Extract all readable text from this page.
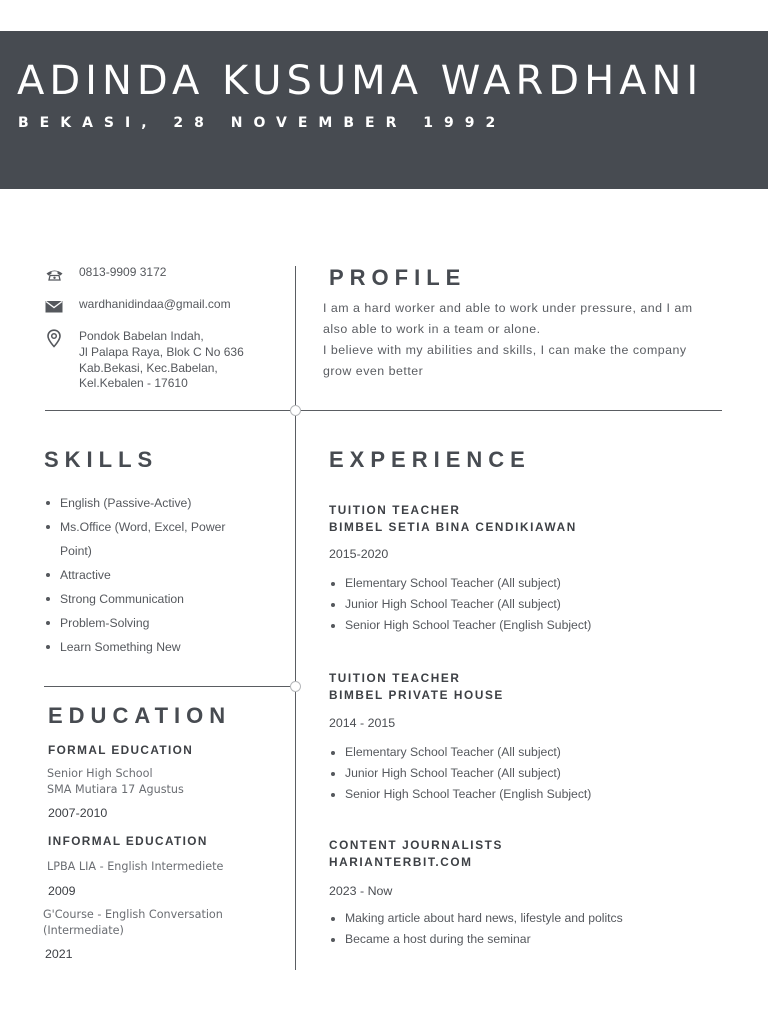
ADINDA KUSUMA WARDHANI
BEKASI, 28 NOVEMBER 1992
0813-9909 3172
wardhanidindaa@gmail.com
Pondok Babelan Indah,
Jl Palapa Raya, Blok C No 636
Kab.Bekasi, Kec.Babelan,
Kel.Kebalen - 17610
PROFILE
I am a hard worker and able to work under pressure, and I am
also able to work in a team or alone.
I believe with my abilities and skills, I can make the company
grow even better
SKILLS
English (Passive-Active)
Ms.Office (Word, Excel, Power
Point)
Attractive
Strong Communication
Problem-Solving
Learn Something New
EXPERIENCE
TUITION TEACHER
BIMBEL SETIA BINA CENDIKIAWAN
2015-2020
Elementary School Teacher (All subject)
Junior High School Teacher (All subject)
Senior High School Teacher (English Subject)
TUITION TEACHER
BIMBEL PRIVATE HOUSE
2014 - 2015
Elementary School Teacher (All subject)
Junior High School Teacher (All subject)
Senior High School Teacher (English Subject)
CONTENT JOURNALISTS
HARIANTERBIT.COM
2023 - Now
Making article about hard news, lifestyle and politcs
Became a host during the seminar
EDUCATION
FORMAL EDUCATION
Senior High School
SMA Mutiara 17 Agustus
2007-2010
INFORMAL EDUCATION
LPBA LIA - English Intermediete
2009
G'Course - English Conversation
(Intermediate)
2021
